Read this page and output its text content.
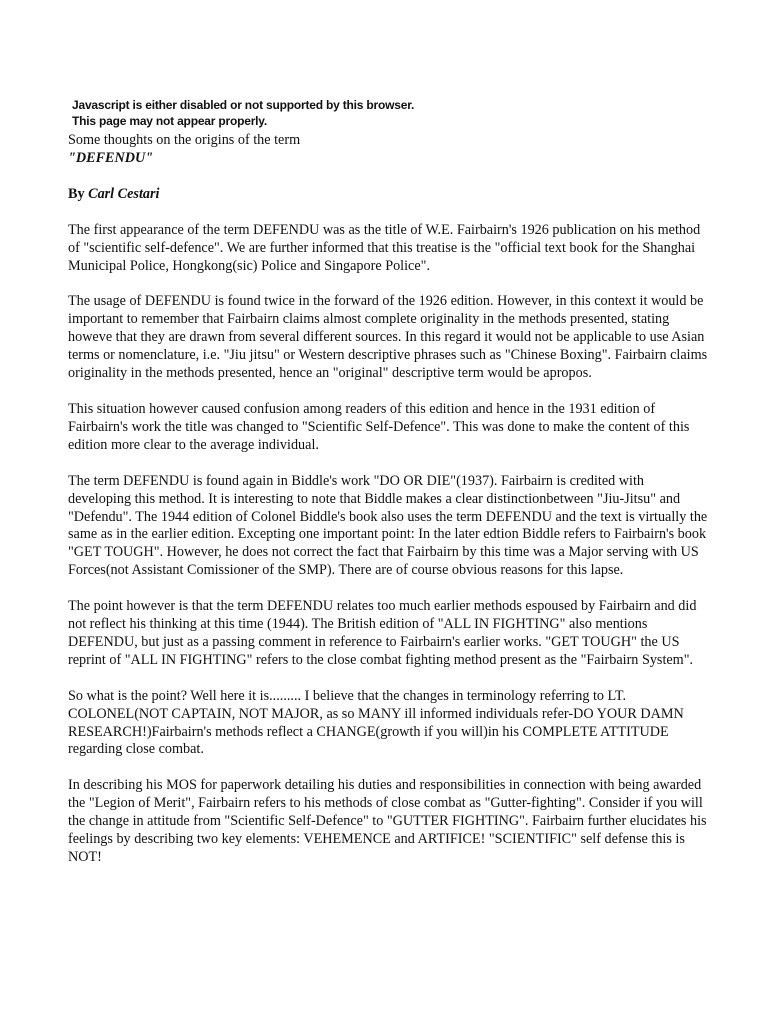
Javascript is either disabled or not supported by this browser.
This page may not appear properly.

Some thoughts on the origins of the term

"DEFENDU"

By Carl Cestari

The first appearance of the term DEFENDU was as the title of W.E. Fairbairn's 1926 publication on his method of "scientific self-defence". We are further informed that this treatise is the "official text book for the Shanghai Municipal Police, Hongkong(sic) Police and Singapore Police".

The usage of DEFENDU is found twice in the forward of the 1926 edition. However, in this context it would be important to remember that Fairbairn claims almost complete originality in the methods presented, stating howeve that they are drawn from several different sources. In this regard it would not be applicable to use Asian terms or nomenclature, i.e. "Jiu jitsu" or Western descriptive phrases such as "Chinese Boxing". Fairbairn claims originality in the methods presented, hence an "original" descriptive term would be apropos.

This situation however caused confusion among readers of this edition and hence in the 1931 edition of Fairbairn's work the title was changed to "Scientific Self-Defence". This was done to make the content of this edition more clear to the average individual.

The term DEFENDU is found again in Biddle's work "DO OR DIE"(1937). Fairbairn is credited with developing this method. It is interesting to note that Biddle makes a clear distinctionbetween "Jiu-Jitsu" and "Defendu". The 1944 edition of Colonel Biddle's book also uses the term DEFENDU and the text is virtually the same as in the earlier edition. Excepting one important point: In the later edtion Biddle refers to Fairbairn's book "GET TOUGH". However, he does not correct the fact that Fairbairn by this time was a Major serving with US Forces(not Assistant Comissioner of the SMP). There are of course obvious reasons for this lapse.

The point however is that the term DEFENDU relates too much earlier methods espoused by Fairbairn and did not reflect his thinking at this time (1944). The British edition of "ALL IN FIGHTING" also mentions DEFENDU, but just as a passing comment in reference to Fairbairn's earlier works. "GET TOUGH" the US reprint of "ALL IN FIGHTING" refers to the close combat fighting method present as the "Fairbairn System".

So what is the point? Well here it is......... I believe that the changes in terminology referring to LT. COLONEL(NOT CAPTAIN, NOT MAJOR, as so MANY ill informed individuals refer-DO YOUR DAMN RESEARCH!)Fairbairn's methods reflect a CHANGE(growth if you will)in his COMPLETE ATTITUDE regarding close combat.

In describing his MOS for paperwork detailing his duties and responsibilities in connection with being awarded the "Legion of Merit", Fairbairn refers to his methods of close combat as "Gutter-fighting". Consider if you will the change in attitude from "Scientific Self-Defence" to "GUTTER FIGHTING". Fairbairn further elucidates his feelings by describing two key elements: VEHEMENCE and ARTIFICE! "SCIENTIFIC" self defense this is NOT!
